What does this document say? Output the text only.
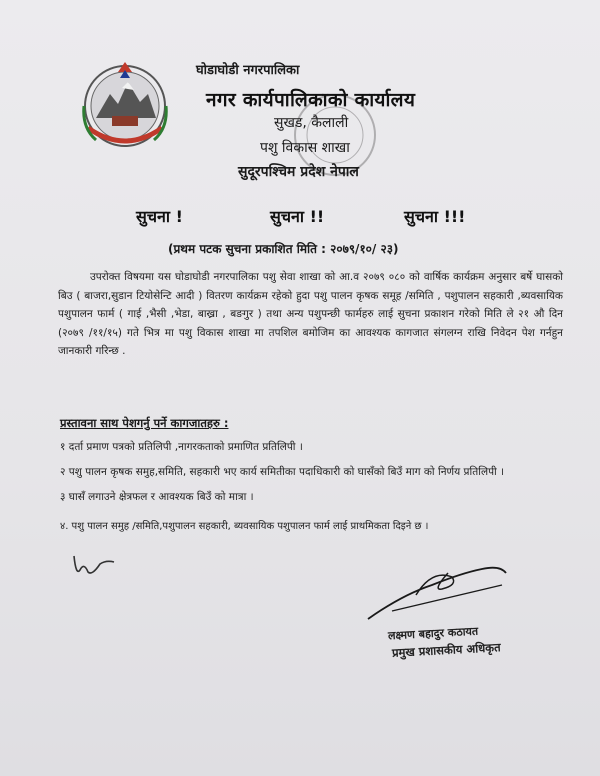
घोडाघोडी नगरपालिका
नगर कार्यपालिकाको कार्यालय
सुखड, कैलाली
पशु विकास शाखा
सुदूरपश्चिम प्रदेश नेपाल
सुचना !	सुचना !!	सुचना !!!
(प्रथम पटक सुचना प्रकाशित मिति : २०७९/१०/ २३)

उपरोक्त विषयमा यस घोडाघोडी नगरपालिका पशु सेवा शाखा को आ.व २०७९ ०८० को वार्षिक कार्यक्रम अनुसार बर्षे घासको बिउ ( बाजरा,सुडान टियोसेन्टि आदी ) वितरण कार्यक्रम रहेको हुदा पशु पालन कृषक समूह /समिति , पशुपालन सहकारी ,ब्यवसायिक पशुपालन फार्म ( गाई ,भैसी ,भेडा, बाख्रा , बङगुर ) तथा अन्य पशुपन्छी फार्महरु लाई सुचना प्रकाशन गरेको मिति ले २१ औ दिन (२०७९ /११/१५) गते भित्र मा पशु विकास शाखा मा तपशिल बमोजिम का आवश्यक कागजात संगलग्न राखि निवेदन पेश गर्नहुन जानकारी गरिन्छ .

प्रस्तावना साथ पेशगर्नु पर्ने कागजातहरु :
१ दर्ता प्रमाण पत्रको प्रतिलिपी ,नागरकताको प्रमाणित प्रतिलिपी ।
२ पशु पालन कृषक समुह,समिति, सहकारी भए कार्य समितीका पदाधिकारी को घासँको बिउँ माग को निर्णय प्रतिलिपी ।
३ घासँ लगाउने क्षेत्रफल र आवश्यक बिउँ को मात्रा ।
४. पशु पालन समुह /समिति,पशुपालन सहकारी, ब्यवसायिक पशुपालन फार्म लाई प्राथमिकता दिइने छ ।
लक्ष्मण बहादुर कठायत
प्रमुख प्रशासकीय अधिकृत
